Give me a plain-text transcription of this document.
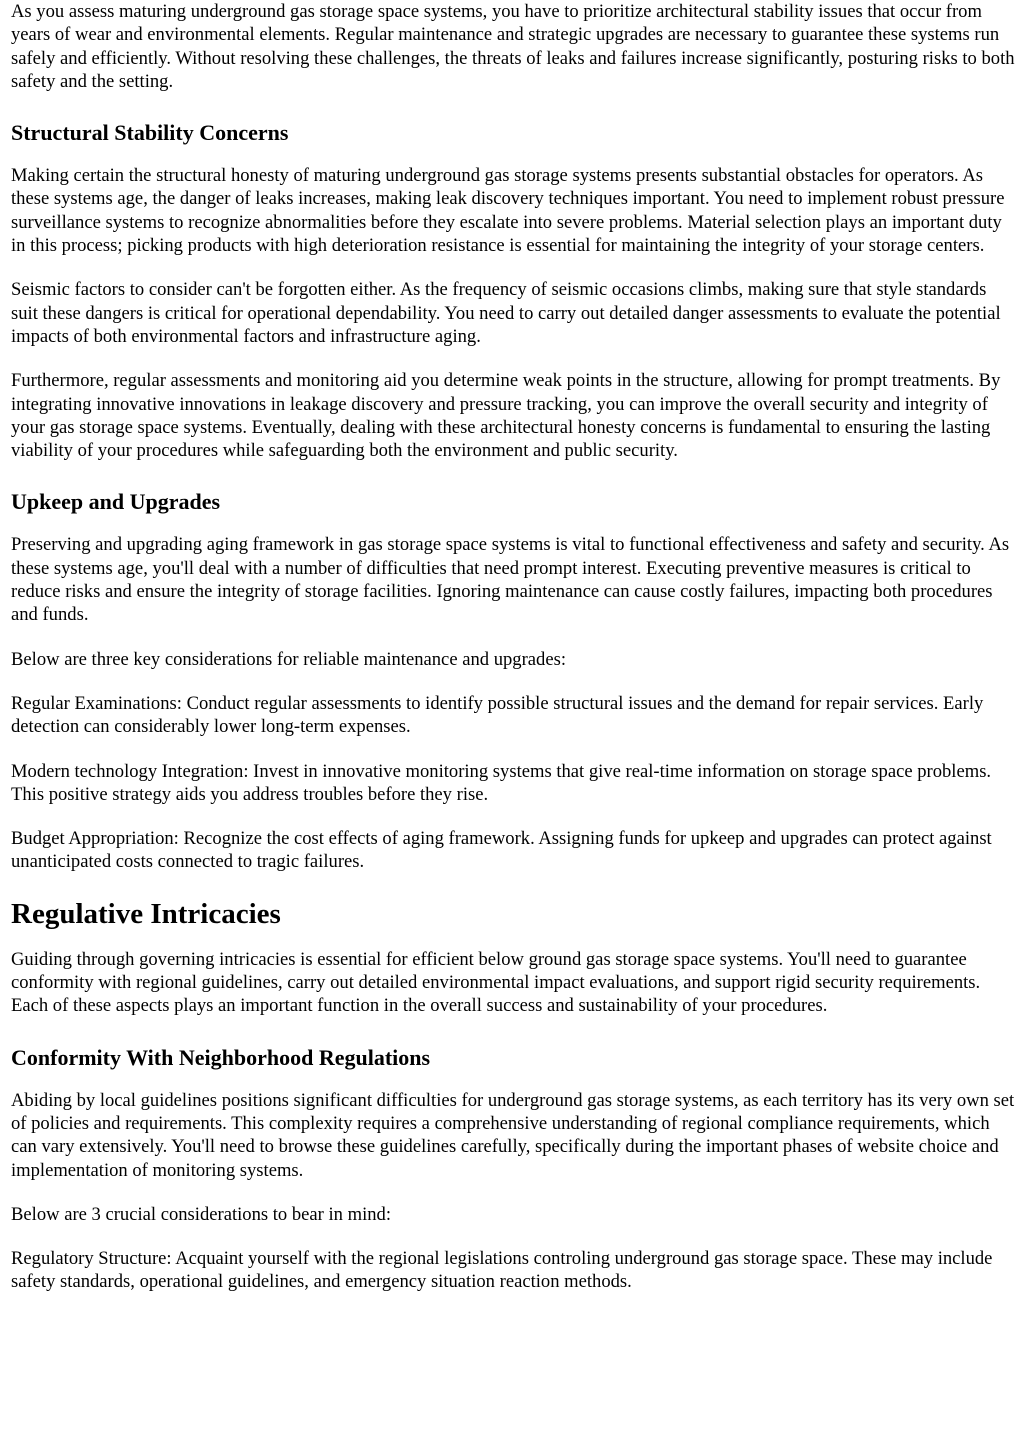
As you assess maturing underground gas storage space systems, you have to prioritize architectural stability issues that occur from years of wear and environmental elements. Regular maintenance and strategic upgrades are necessary to guarantee these systems run safely and efficiently. Without resolving these challenges, the threats of leaks and failures increase significantly, posturing risks to both safety and the setting.

Structural Stability Concerns

Making certain the structural honesty of maturing underground gas storage systems presents substantial obstacles for operators. As these systems age, the danger of leaks increases, making leak discovery techniques important. You need to implement robust pressure surveillance systems to recognize abnormalities before they escalate into severe problems. Material selection plays an important duty in this process; picking products with high deterioration resistance is essential for maintaining the integrity of your storage centers.

Seismic factors to consider can't be forgotten either. As the frequency of seismic occasions climbs, making sure that style standards suit these dangers is critical for operational dependability. You need to carry out detailed danger assessments to evaluate the potential impacts of both environmental factors and infrastructure aging.

Furthermore, regular assessments and monitoring aid you determine weak points in the structure, allowing for prompt treatments. By integrating innovative innovations in leakage discovery and pressure tracking, you can improve the overall security and integrity of your gas storage space systems. Eventually, dealing with these architectural honesty concerns is fundamental to ensuring the lasting viability of your procedures while safeguarding both the environment and public security.

Upkeep and Upgrades

Preserving and upgrading aging framework in gas storage space systems is vital to functional effectiveness and safety and security. As these systems age, you'll deal with a number of difficulties that need prompt interest. Executing preventive measures is critical to reduce risks and ensure the integrity of storage facilities. Ignoring maintenance can cause costly failures, impacting both procedures and funds.

Below are three key considerations for reliable maintenance and upgrades:

Regular Examinations: Conduct regular assessments to identify possible structural issues and the demand for repair services. Early detection can considerably lower long-term expenses.

Modern technology Integration: Invest in innovative monitoring systems that give real-time information on storage space problems. This positive strategy aids you address troubles before they rise.

Budget Appropriation: Recognize the cost effects of aging framework. Assigning funds for upkeep and upgrades can protect against unanticipated costs connected to tragic failures.

Regulative Intricacies

Guiding through governing intricacies is essential for efficient below ground gas storage space systems. You'll need to guarantee conformity with regional guidelines, carry out detailed environmental impact evaluations, and support rigid security requirements. Each of these aspects plays an important function in the overall success and sustainability of your procedures.

Conformity With Neighborhood Regulations

Abiding by local guidelines positions significant difficulties for underground gas storage systems, as each territory has its very own set of policies and requirements. This complexity requires a comprehensive understanding of regional compliance requirements, which can vary extensively. You'll need to browse these guidelines carefully, specifically during the important phases of website choice and implementation of monitoring systems.

Below are 3 crucial considerations to bear in mind:

Regulatory Structure: Acquaint yourself with the regional legislations controling underground gas storage space. These may include safety standards, operational guidelines, and emergency situation reaction methods.
